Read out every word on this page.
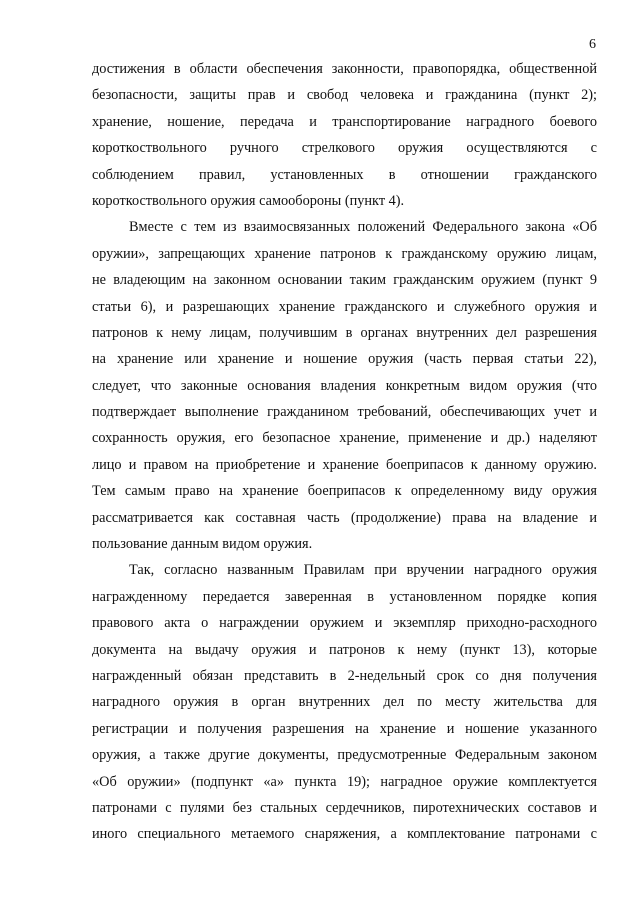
6
достижения в области обеспечения законности, правопорядка, общественной
безопасности, защиты прав и свобод человека и гражданина (пункт 2);
хранение, ношение, передача и транспортирование наградного боевого
короткоствольного ручного стрелкового оружия осуществляются с
соблюдением правил, установленных в отношении гражданского
короткоствольного оружия самообороны (пункт 4).
Вместе с тем из взаимосвязанных положений Федерального закона «Об
оружии», запрещающих хранение патронов к гражданскому оружию лицам,
не владеющим на законном основании таким гражданским оружием (пункт 9
статьи 6), и разрешающих хранение гражданского и служебного оружия и
патронов к нему лицам, получившим в органах внутренних дел разрешения
на хранение или хранение и ношение оружия (часть первая статьи 22),
следует, что законные основания владения конкретным видом оружия (что
подтверждает выполнение гражданином требований, обеспечивающих учет и
сохранность оружия, его безопасное хранение, применение и др.) наделяют
лицо и правом на приобретение и хранение боеприпасов к данному оружию.
Тем самым право на хранение боеприпасов к определенному виду оружия
рассматривается как составная часть (продолжение) права на владение и
пользование данным видом оружия.
Так, согласно названным Правилам при вручении наградного оружия
награжденному передается заверенная в установленном порядке копия
правового акта о награждении оружием и экземпляр приходно-расходного
документа на выдачу оружия и патронов к нему (пункт 13), которые
награжденный обязан представить в 2-недельный срок со дня получения
наградного оружия в орган внутренних дел по месту жительства для
регистрации и получения разрешения на хранение и ношение указанного
оружия, а также другие документы, предусмотренные Федеральным законом
«Об оружии» (подпункт «а» пункта 19); наградное оружие комплектуется
патронами с пулями без стальных сердечников, пиротехнических составов и
иного специального метаемого снаряжения, а комплектование патронами с
